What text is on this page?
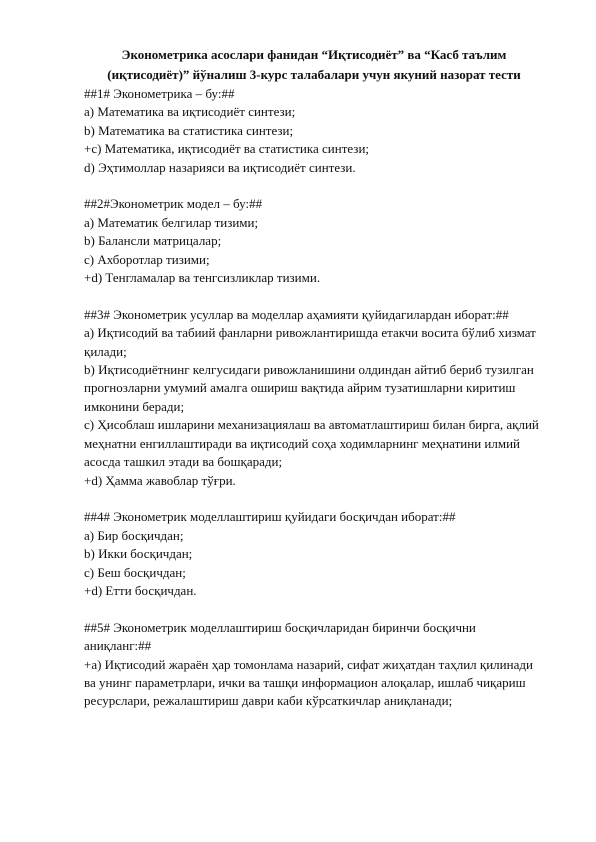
Эконометрика асослари фанидан “Иқтисодиёт” ва “Касб таълим
(иқтисодиёт)” йўналиш 3-курс талабалари учун якуний назорат тести

##1# Эконометрика – бу:##
a) Математика ва иқтисодиёт синтези;
b) Математика ва статистика синтези;
+c) Математика, иқтисодиёт ва статистика синтези;
d) Эҳтимоллар назарияси ва иқтисодиёт синтези.
##2#Эконометрик модел – бу:##
a) Математик белгилар тизими;
b) Балансли матрицалар;
c) Ахборотлар тизими;
+d) Тенгламалар ва тенгсизликлар тизими.
##3# Эконометрик усуллар ва моделлар аҳамияти қуйидагилардан иборат:##
a) Иқтисодий ва табиий фанларни ривожлантиришда етакчи восита бўлиб хизмат қилади;
b) Иқтисодиётнинг келгусидаги ривожланишини олдиндан айтиб бериб тузилган прогнозларни умумий амалга ошириш вақтида айрим тузатишларни киритиш имконини беради;
c) Ҳисоблаш ишларини механизациялаш ва автоматлаштириш билан бирга, ақлий меҳнатни енгиллаштиради ва иқтисодий соҳа ходимларнинг меҳнатини илмий асосда ташкил этади ва бошқаради;
+d) Ҳамма жавоблар тўғри.
##4# Эконометрик моделлаштириш қуйидаги босқичдан иборат:##
a) Бир босқичдан;
b) Икки босқичдан;
c) Беш босқичдан;
+d) Етти босқичдан.
##5# Эконометрик моделлаштириш босқичларидан биринчи босқични аниқланг:##
+a) Иқтисодий жараён ҳар томонлама назарий, сифат жиҳатдан таҳлил қилинади ва унинг параметрлари, ички ва ташқи информацион алоқалар, ишлаб чиқариш ресурслари, режалаштириш даври каби кўрсаткичлар аниқланади;
